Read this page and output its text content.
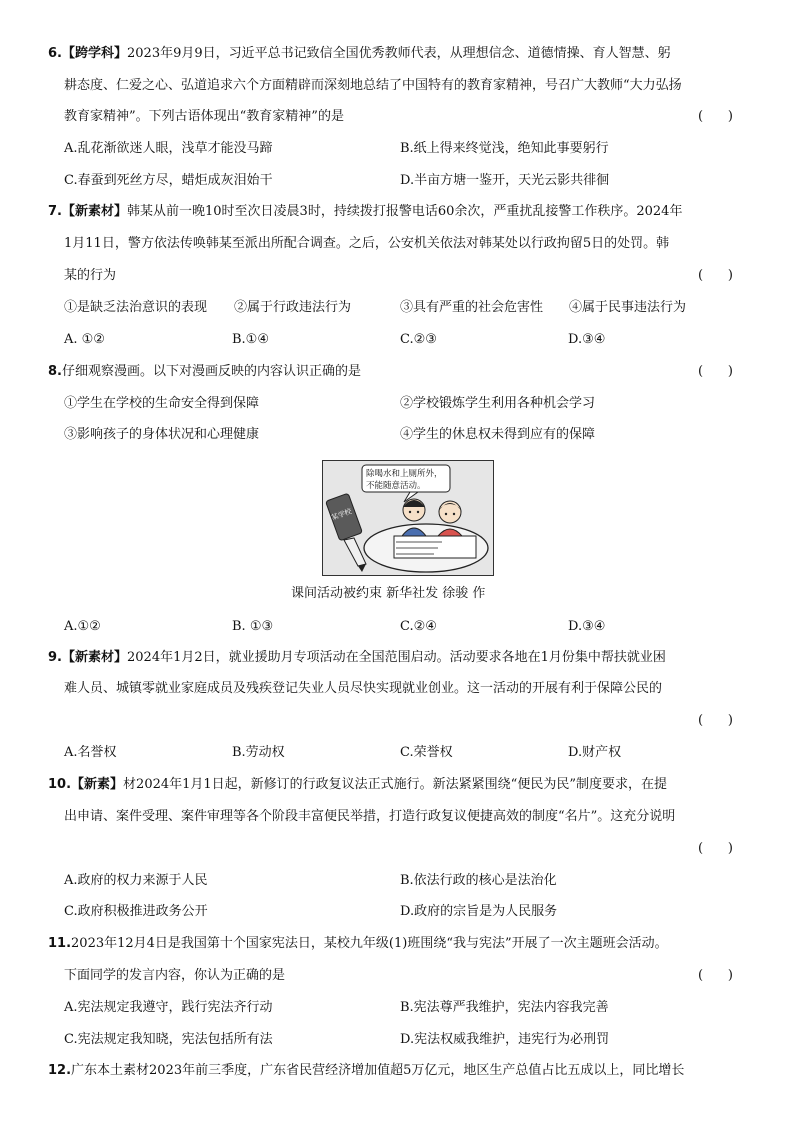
6.【跨学科】2023年9月9日，习近平总书记致信全国优秀教师代表，从理想信念、道德情操、育人智慧、躬
耕态度、仁爱之心、弘道追求六个方面精辟而深刻地总结了中国特有的教育家精神，号召广大教师“大力弘扬
教育家精神”。下列古语体现出“教育家精神”的是	(      )
A.乱花渐欲迷人眼，浅草才能没马蹄	B.纸上得来终觉浅，绝知此事要躬行
C.春蚕到死丝方尽，蜡炬成灰泪始干	D.半亩方塘一鉴开，天光云影共徘徊
7.【新素材】韩某从前一晚10时至次日凌晨3时，持续拨打报警电话60余次，严重扰乱接警工作秩序。2024年
1月11日，警方依法传唤韩某至派出所配合调查。之后，公安机关依法对韩某处以行政拘留5日的处罚。韩
某的行为	(      )
①是缺乏法治意识的表现 ②属于行政违法行为	③具有严重的社会危害性 ④属于民事违法行为
A. ①②	B.①④	C.②③	D.③④
8.仔细观察漫画。以下对漫画反映的内容认识正确的是	(      )
①学生在学校的生命安全得到保障	②学校锻炼学生利用各种机会学习
③影响孩子的身体状况和心理健康	④学生的休息权未得到应有的保障
除喝水和上厕所外，
不能随意活动。
某学校
课间活动被约束 新华社发 徐骏 作
A.①②	B. ①③	C.②④	D.③④
9.【新素材】2024年1月2日，就业援助月专项活动在全国范围启动。活动要求各地在1月份集中帮扶就业困
难人员、城镇零就业家庭成员及残疾登记失业人员尽快实现就业创业。这一活动的开展有利于保障公民的
(      )
A.名誉权	B.劳动权	C.荣誉权	D.财产权
10.【新素】材2024年1月1日起，新修订的行政复议法正式施行。新法紧紧围绕“便民为民”制度要求，在提
出申请、案件受理、案件审理等各个阶段丰富便民举措，打造行政复议便捷高效的制度“名片”。这充分说明
(      )
A.政府的权力来源于人民	B.依法行政的核心是法治化
C.政府积极推进政务公开	D.政府的宗旨是为人民服务
11.2023年12月4日是我国第十个国家宪法日，某校九年级(1)班围绕“我与宪法”开展了一次主题班会活动。
下面同学的发言内容，你认为正确的是	(      )
A.宪法规定我遵守，践行宪法齐行动	B.宪法尊严我维护，宪法内容我完善
C.宪法规定我知晓，宪法包括所有法	D.宪法权威我维护，违宪行为必刑罚
12.广东本土素材2023年前三季度，广东省民营经济增加值超5万亿元，地区生产总值占比五成以上，同比增长
